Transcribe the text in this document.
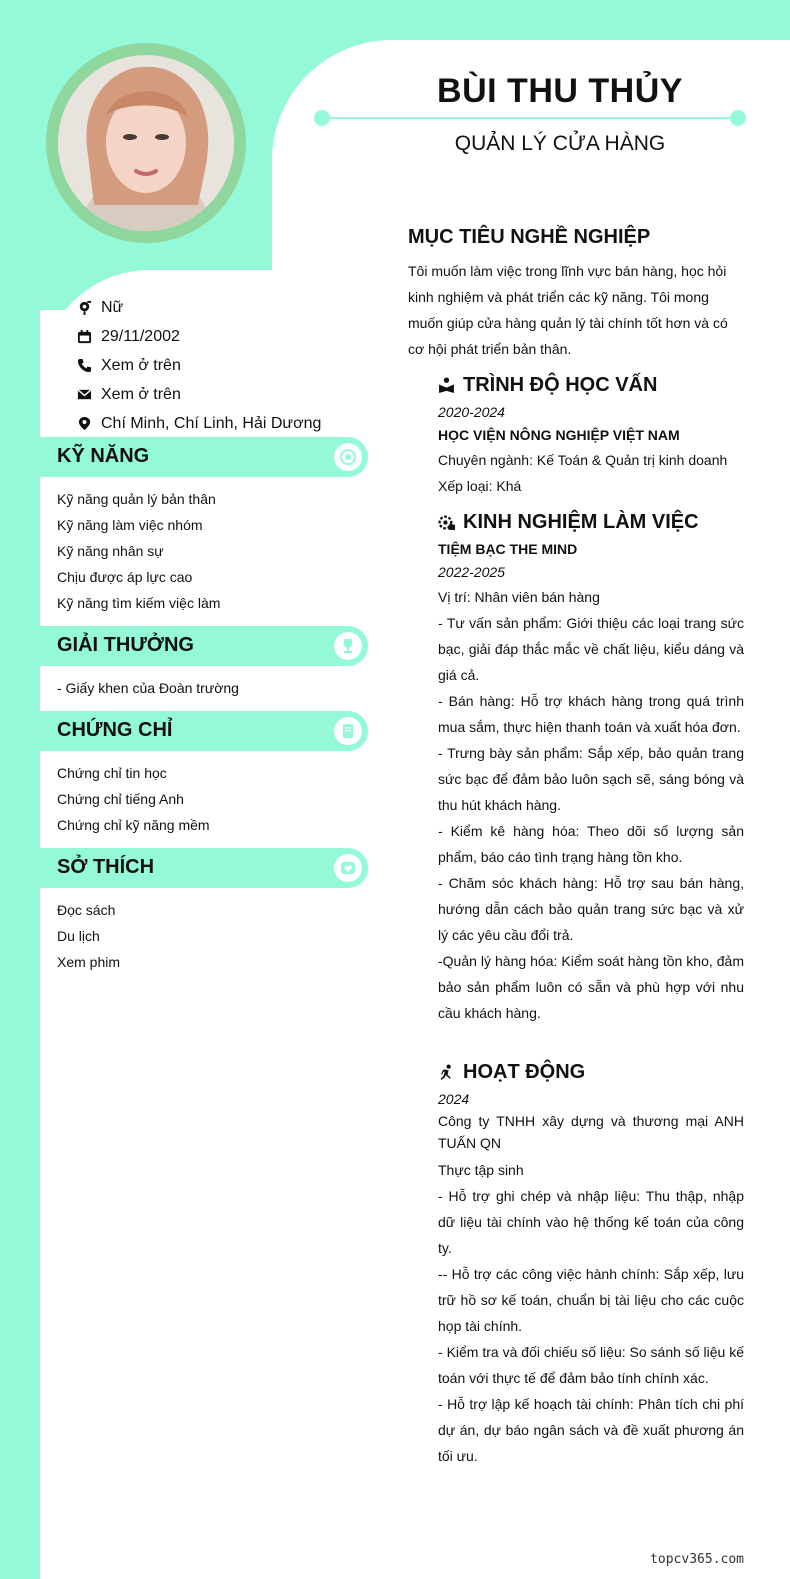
BÙI THU THỦY
QUẢN LÝ CỬA HÀNG
Nữ
29/11/2002
Xem ở trên
Xem ở trên
Chí Minh, Chí Linh, Hải Dương
KỸ NĂNG
Kỹ năng quản lý bản thân
Kỹ năng làm việc nhóm
Kỹ năng nhân sự
Chịu được áp lực cao
Kỹ năng tìm kiếm việc làm
GIẢI THƯỞNG
- Giấy khen của Đoàn trường
CHỨNG CHỈ
Chứng chỉ tin học
Chứng chỉ tiếng Anh
Chứng chỉ kỹ năng mềm
SỞ THÍCH
Đọc sách
Du lịch
Xem phim
MỤC TIÊU NGHỀ NGHIỆP
Tôi muốn làm việc trong lĩnh vực bán hàng, học hỏi kinh nghiệm và phát triển các kỹ năng. Tôi mong muốn giúp cửa hàng quản lý tài chính tốt hơn và có cơ hội phát triển bản thân.
TRÌNH ĐỘ HỌC VẤN
2020-2024
HỌC VIỆN NÔNG NGHIỆP VIỆT NAM
Chuyên ngành: Kế Toán & Quản trị kinh doanh
Xếp loại: Khá
KINH NGHIỆM LÀM VIỆC
TIỆM BẠC THE MIND
2022-2025
Vị trí: Nhân viên bán hàng
- Tư vấn sản phẩm: Giới thiệu các loại trang sức bạc, giải đáp thắc mắc về chất liệu, kiểu dáng và giá cả.
- Bán hàng: Hỗ trợ khách hàng trong quá trình mua sắm, thực hiện thanh toán và xuất hóa đơn.
- Trưng bày sản phẩm: Sắp xếp, bảo quản trang sức bạc để đảm bảo luôn sạch sẽ, sáng bóng và thu hút khách hàng.
- Kiểm kê hàng hóa: Theo dõi số lượng sản phẩm, báo cáo tình trạng hàng tồn kho.
- Chăm sóc khách hàng: Hỗ trợ sau bán hàng, hướng dẫn cách bảo quản trang sức bạc và xử lý các yêu cầu đổi trả.
-Quản lý hàng hóa: Kiểm soát hàng tồn kho, đảm bảo sản phẩm luôn có sẵn và phù hợp với nhu cầu khách hàng.
HOẠT ĐỘNG
2024
Công ty TNHH xây dựng và thương mại ANH TUẤN QN
Thực tập sinh
- Hỗ trợ ghi chép và nhập liệu: Thu thập, nhập dữ liệu tài chính vào hệ thống kế toán của công ty.
-- Hỗ trợ các công việc hành chính: Sắp xếp, lưu trữ hồ sơ kế toán, chuẩn bị tài liệu cho các cuộc họp tài chính.
- Kiểm tra và đối chiếu số liệu: So sánh số liệu kế toán với thực tế để đảm bảo tính chính xác.
- Hỗ trợ lập kế hoạch tài chính: Phân tích chi phí dự án, dự báo ngân sách và đề xuất phương án tối ưu.
topcv365.com
